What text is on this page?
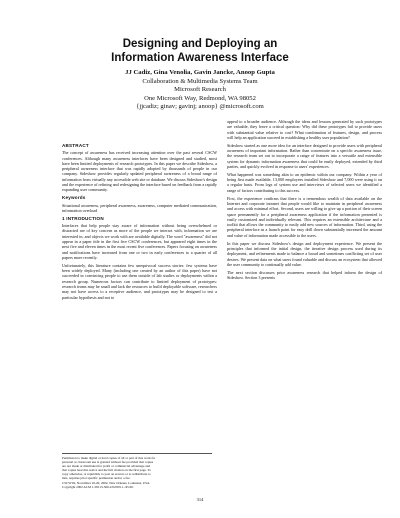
Designing and Deploying an
Information Awareness Interface
JJ Cadiz, Gina Venolia, Gavin Jancke, Anoop Gupta
Collaboration & Multimedia Systems Team
Microsoft Research
One Microsoft Way, Redmond, WA 98052
{jjcadiz; ginav; gavinj; anoop} @microsoft.com
ABSTRACT

The concept of awareness has received increasing attention over the past several CSCW conferences. Although many awareness interfaces have been designed and studied, most have been limited deployments of research prototypes. In this paper we describe Sideshow, a peripheral awareness interface that was rapidly adopted by thousands of people in our company. Sideshow provides regularly updated peripheral awareness of a broad range of information from virtually any accessible web site or database. We discuss Sideshow's design and the experience of refining and redesigning the interface based on feedback from a rapidly expanding user community.

Keywords

Situational awareness, peripheral awareness, awareness, computer mediated communication, information overload

1 INTRODUCTION

Interfaces that help people stay aware of information without being overwhelmed or distracted are of key concern as more of the people we interact with, information we are interested in, and objects we work with are available digitally. The word "awareness" did not appear in a paper title in the first five CSCW conferences, but appeared eight times in the next five and eleven times in the most recent five conferences. Papers focusing on awareness and notifications have increased from one or two in early conferences to a quarter of all papers more recently.

Unfortunately, this literature contains few unequivocal success stories: few systems have been widely deployed. Many (including one created by an author of this paper) have not succeeded in convincing people to use them outside of lab studies or deployments within a research group. Numerous factors can contribute to limited deployment of prototypes: research teams may be small and lack the resources to build deployable software, researchers may not have access to a receptive audience, and prototypes may be designed to test a particular hypothesis and not to

appeal to a broader audience. Although the ideas and lessons generated by such prototypes are valuable, they leave a critical question: Why did these prototypes fail to provide users with substantial value relative to cost? What combination of features, design, and process will help an application succeed in establishing a healthy user population?

Sideshow started as one more idea for an interface designed to provide users with peripheral awareness of important information. Rather than concentrate on a specific awareness issue, the research team set out to incorporate a range of features into a versatile and extensible system for dynamic information awareness that could be easily deployed, extended by third parties, and quickly evolved in response to users' experiences.

What happened was something akin to an epidemic within our company. Within a year of being first made available, 13,000 employees installed Sideshow and 7,000 were using it on a regular basis. From logs of system use and interviews of selected users we identified a range of factors contributing to this success.

First, the experience confirms that there is a tremendous wealth of data available on the Internet and corporate intranet that people would like to maintain in peripheral awareness and access with minimal effort. Second, users are willing to give up a portion of their screen space permanently for a peripheral awareness application if the information presented is easily customized and individually relevant. This requires an extensible architecture and a toolkit that allows the community to easily add new sources of information. Third, using the peripheral interface as a launch point for easy drill down substantially increased the amount and value of information made accessible to the users.

In this paper we discuss Sideshow's design and deployment experience. We present the principles that informed the initial design, the iterative design process used during its deployment, and refinements made to balance a broad and sometimes conflicting set of user desires. We present data on what users found valuable and discuss an ecosystem that allowed the user community to continually add value.

The next section discusses prior awareness research that helped inform the design of Sideshow. Section 3 presents

Permission to make digital or hard copies of all or part of this work for
personal or classroom use is granted without fee provided that copies
are not made or distributed for profit or commercial advantage and
that copies bear this notice and the full citation on the first page. To
copy otherwise, or republish, to post on servers or to redistribute to
lists, requires prior specific permission and/or a fee.
CSCW'02, November 16-20, 2002, New Orleans, Louisiana, USA.
Copyright 2002 ACM 1-58113-560-2/02/0011...$5.00.
314
